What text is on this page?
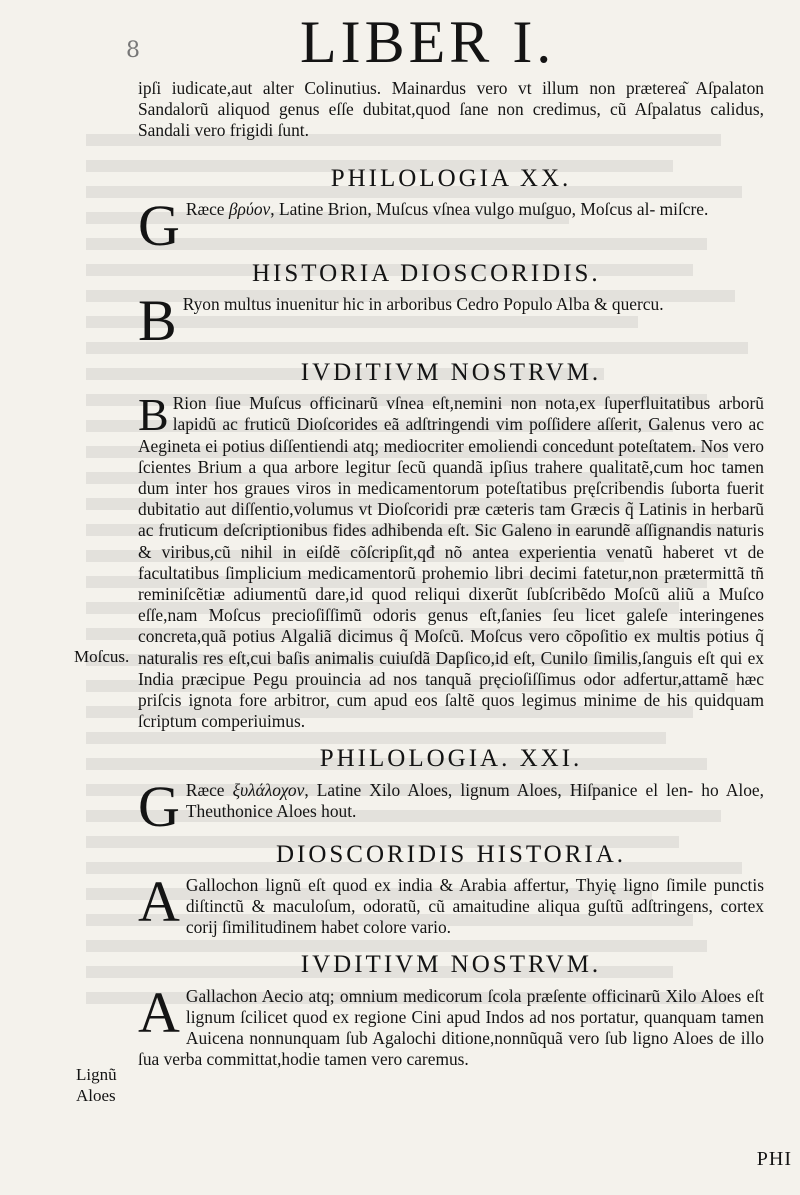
8	LIBER I.
Moſcus.
Lignũ
Aloes

ipſi iudicate,aut alter Colinutius. Mainardus vero vt illum non præterea͂ Aſpalaton Sandalorũ aliquod genus eſſe dubitat,quod ſane non credimus, cũ Aſpalatus calidus, Sandali vero frigidi ſunt.

PHILOLOGIA XX.

G Ræce βρύον, Latine Brion, Muſcus vſnea vulgo muſguo, Moſcus al- miſcre.

HISTORIA DIOSCORIDIS.

B Ryon multus inuenitur hic in arboribus Cedro Populo Alba & quercu.

IVDITIVM NOSTRVM.

B Rion ſiue Muſcus officinarũ vſnea eſt,nemini non nota,ex ſuperfluitatibus arborũ lapidũ ac fruticũ Dioſcorides eã adſtringendi vim poſſidere aſſerit, Galenus vero ac Aegineta ei potius diſſentiendi atq; mediocriter emoliendi concedunt poteſtatem. Nos vero ſcientes Brium a qua arbore legitur ſecũ quandã ipſius trahere qualitatẽ,cum hoc tamen dum inter hos graues viros in medicamentorum poteſtatibus pręſcribendis ſuborta fuerit dubitatio aut diſſentio,volumus vt Dioſcoridi præ cæteris tam Græcis q̃ Latinis in herbarũ ac fruticum deſcriptionibus fides adhibenda eſt. Sic Galeno in earundẽ aſſignandis naturis & viribus,cũ nihil in eiſdẽ cõſcripſit,qđ nõ antea experientia venatũ haberet vt de facultatibus ſimplicium medicamentorũ prohemio libri decimi fatetur,non prætermittã tñ reminiſcẽtiæ adiumentũ dare,id quod reliqui dixerũt ſubſcribẽdo Moſcũ aliũ a Muſco eſſe,nam Moſcus precioſiſſimũ odoris genus eſt,ſanies ſeu licet galeſe interingenes concreta,quã potius Algaliã dicimus q̃ Moſcũ. Moſcus vero cõpoſitio ex multis potius q̃ naturalis res eſt,cui baſis animalis cuiuſdã Dapſico,id eſt, Cunilo ſimilis,ſanguis eſt qui ex India præcipue Pegu prouincia ad nos tanquã pręcioſiſſimus odor adfertur,attamẽ hæc priſcis ignota fore arbitror, cum apud eos ſaltẽ quos legimus minime de his quidquam ſcriptum comperiuimus.

PHILOLOGIA. XXI.

G Ræce ξυλάλοχον, Latine Xilo Aloes, lignum Aloes, Hiſpanice el len- ho Aloe, Theuthonice Aloes hout.

DIOSCORIDIS HISTORIA.

A Gallochon lignũ eſt quod ex india & Arabia affertur, Thyię ligno ſimile punctis diſtinctũ & maculoſum, odoratũ, cũ amaitudine aliqua guſtũ adſtringens, cortex corij ſimilitudinem habet colore vario.

IVDITIVM NOSTRVM.

A Gallachon Aecio atq; omnium medicorum ſcola præſente officinarũ Xilo Aloes eſt lignum ſcilicet quod ex regione Cini apud Indos ad nos portatur, quanquam tamen Auicena nonnunquam ſub Agalochi ditione,nonnũquã vero ſub ligno Aloes de illo ſua verba committat,hodie tamen vero caremus.

PHI
